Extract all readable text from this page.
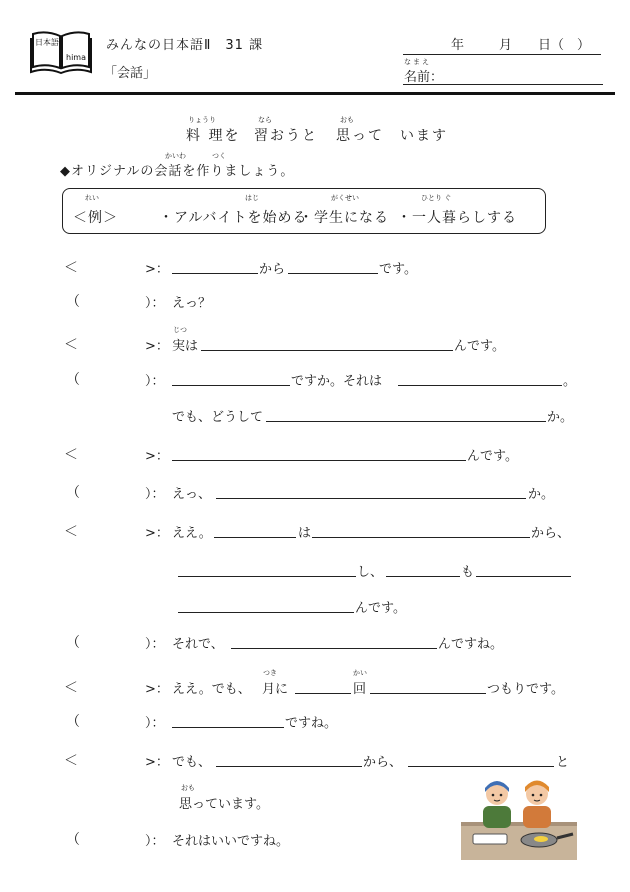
日本語
hima
みんなの日本語Ⅱ　31 課
「会話」
年	月 日（　）
なまえ
名前：
りょうり	なら	おも
料 理を 習おうと 思って　います
かいわ	つく
◆オリジナルの会話を作りましょう。
れい	はじ	がくせい	ひとり ぐ
＜例＞	・アルバイトを始める
・学生になる ・一人暮らしする
＜	>：	から	です。
（	）： えっ？
＜	>：
じつ
実は	んです。
（	）：	ですか。それは	。
でも、どうして	か。
＜	>：	んです。
（	）： えっ、	か。
＜	>： ええ。	は	から、
し、	も
んです。
（	）： それで、	んですね。
＜	>： ええ。でも、
つき
月に
かい
回	つもりです。
（	）：	ですね。
＜	>： でも、	から、	と
おも
思っています。
（	）： それはいいですね。
